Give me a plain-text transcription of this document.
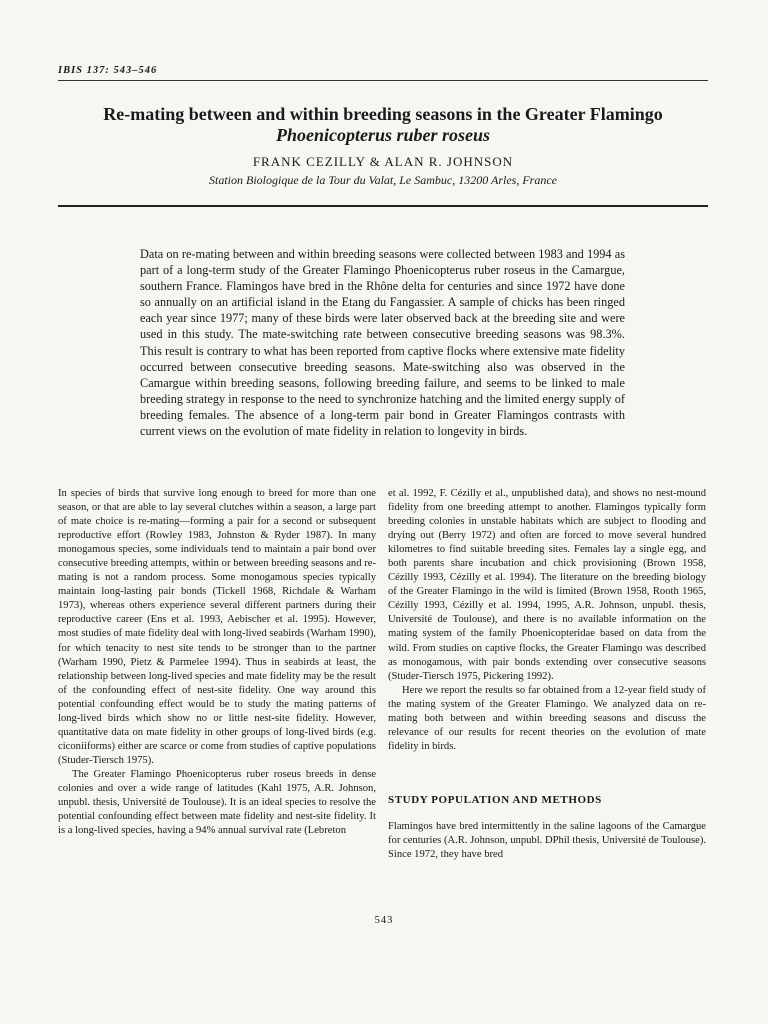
IBIS 137: 543–546
Re-mating between and within breeding seasons in the Greater Flamingo
Phoenicopterus ruber roseus
FRANK CEZILLY & ALAN R. JOHNSON
Station Biologique de la Tour du Valat, Le Sambuc, 13200 Arles, France
Data on re-mating between and within breeding seasons were collected between 1983 and 1994 as part of a long-term study of the Greater Flamingo Phoenicopterus ruber roseus in the Camargue, southern France. Flamingos have bred in the Rhône delta for centuries and since 1972 have done so annually on an artificial island in the Etang du Fangassier. A sample of chicks has been ringed each year since 1977; many of these birds were later observed back at the breeding site and were used in this study. The mate-switching rate between consecutive breeding seasons was 98.3%. This result is contrary to what has been reported from captive flocks where extensive mate fidelity occurred between consecutive breeding seasons. Mate-switching also was observed in the Camargue within breeding seasons, following breeding failure, and seems to be linked to male breeding strategy in response to the need to synchronize hatching and the limited energy supply of breeding females. The absence of a long-term pair bond in Greater Flamingos contrasts with current views on the evolution of mate fidelity in relation to longevity in birds.

In species of birds that survive long enough to breed for more than one season, or that are able to lay several clutches within a season, a large part of mate choice is re-mating—forming a pair for a second or subsequent reproductive effort (Rowley 1983, Johnston & Ryder 1987). In many monogamous species, some individuals tend to maintain a pair bond over consecutive breeding attempts, within or between breeding seasons and re-mating is not a random process. Some monogamous species typically maintain long-lasting pair bonds (Tickell 1968, Richdale & Warham 1973), whereas others experience several different partners during their reproductive career (Ens et al. 1993, Aebischer et al. 1995). However, most studies of mate fidelity deal with long-lived seabirds (Warham 1990), for which tenacity to nest site tends to be stronger than to the partner (Warham 1990, Pietz & Parmelee 1994). Thus in seabirds at least, the relationship between long-lived species and mate fidelity may be the result of the confounding effect of nest-site fidelity. One way around this potential confounding effect would be to study the mating patterns of long-lived birds which show no or little nest-site fidelity. However, quantitative data on mate fidelity in other groups of long-lived birds (e.g. ciconiiforms) either are scarce or come from studies of captive populations (Studer-Tiersch 1975).

The Greater Flamingo Phoenicopterus ruber roseus breeds in dense colonies and over a wide range of latitudes (Kahl 1975, A.R. Johnson, unpubl. thesis, Université de Toulouse). It is an ideal species to resolve the potential confounding effect between mate fidelity and nest-site fidelity. It is a long-lived species, having a 94% annual survival rate (Lebreton

et al. 1992, F. Cézilly et al., unpublished data), and shows no nest-mound fidelity from one breeding attempt to another. Flamingos typically form breeding colonies in unstable habitats which are subject to flooding and drying out (Berry 1972) and often are forced to move several hundred kilometres to find suitable breeding sites. Females lay a single egg, and both parents share incubation and chick provisioning (Brown 1958, Cézilly 1993, Cézilly et al. 1994). The literature on the breeding biology of the Greater Flamingo in the wild is limited (Brown 1958, Rooth 1965, Cézilly 1993, Cézilly et al. 1994, 1995, A.R. Johnson, unpubl. thesis, Université de Toulouse), and there is no available information on the mating system of the family Phoenicopteridae based on data from the wild. From studies on captive flocks, the Greater Flamingo was described as monogamous, with pair bonds extending over consecutive seasons (Studer-Tiersch 1975, Pickering 1992).

Here we report the results so far obtained from a 12-year field study of the mating system of the Greater Flamingo. We analyzed data on re-mating both between and within breeding seasons and discuss the relevance of our results for recent theories on the evolution of mate fidelity in birds.

STUDY POPULATION AND METHODS

Flamingos have bred intermittently in the saline lagoons of the Camargue for centuries (A.R. Johnson, unpubl. DPhil thesis, Université de Toulouse). Since 1972, they have bred

543
